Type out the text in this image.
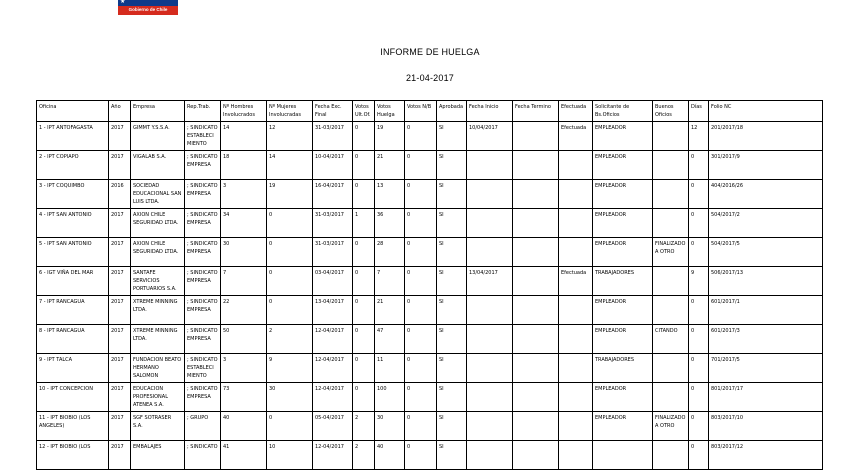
★
Gobierno de Chile
INFORME DE HUELGA
21-04-2017
Oficina	Año	Empresa	Rep.Trab.	Nº Hombres Involucrados	Nº Mujeres Involucradas	Fecha Exc. Final	Votos Ult.Of.	Votos Huelga	Votos N/B	Aprobada	Fecha Inicio	Fecha Termino	Efectuada	Solicitante de Bs.Oficios	Buenos Oficios	Días	Folio NC
1 - IPT ANTOFAGASTA	2017	GIMMT Y.S.S.A.	; SINDICATO ESTABLECIMIENTO	14	12	31-03/2017	0	19	0	SI	10/04/2017		Efectuada	EMPLEADOR		12	201/2017/18
2 - IPT COPIAPO	2017	VIGALAB S.A.	; SINDICATO EMPRESA	18	14	10-04/2017	0	21	0	SI				EMPLEADOR		0	301/2017/9
3 - IPT COQUIMBO	2016	SOCIEDAD EDUCACIONAL SAN LUIS LTDA.	; SINDICATO EMPRESA	3	19	16-04/2017	0	13	0	SI				EMPLEADOR		0	404/2016/26
4 - IPT SAN ANTONIO	2017	AXION CHILE SEGURIDAD LTDA.	; SINDICATO EMPRESA	34	0	31-03/2017	1	36	0	SI				EMPLEADOR		0	504/2017/2
5 - IPT SAN ANTONIO	2017	AXION CHILE SEGURIDAD LTDA.	; SINDICATO EMPRESA	30	0	31-03/2017	0	28	0	SI				EMPLEADOR	FINALIZADO A OTRO	0	504/2017/5
6 - IGT VIÑA DEL MAR	2017	SANTAFE SERVICIOS PORTUARIOS S.A.	; SINDICATO EMPRESA	7	0	03-04/2017	0	7	0	SI	13/04/2017		Efectuada	TRABAJADORES		9	506/2017/13
7 - IPT RANCAGUA	2017	XTREME MINNING LTDA.	; SINDICATO EMPRESA	22	0	13-04/2017	0	21	0	SI				EMPLEADOR		0	601/2017/1
8 - IPT RANCAGUA	2017	XTREME MINNING LTDA.	; SINDICATO EMPRESA	50	2	12-04/2017	0	47	0	SI				EMPLEADOR	CITANDO	0	601/2017/3
9 - IPT TALCA	2017	FUNDACION BEATO HERMANO SALOMON	; SINDICATO ESTABLECIMIENTO	3	9	12-04/2017	0	11	0	SI				TRABAJADORES		0	701/2017/5
10 - IPT CONCEPCION	2017	EDUCACION PROFESIONAL ATENEA S.A.	; SINDICATO EMPRESA	73	30	12-04/2017	0	100	0	SI				EMPLEADOR		0	801/2017/17
11 - IPT BIOBIO (LOS ANGELES)	2017	SGF SOTRASER S.A.	; GRUPO	40	0	05-04/2017	2	30	0	SI				EMPLEADOR	FINALIZADO A OTRO	0	803/2017/10
12 - IPT BIOBIO (LOS	2017	EMBALAJES	; SINDICATO	41	10	12-04/2017	2	40	0	SI						0	803/2017/12
